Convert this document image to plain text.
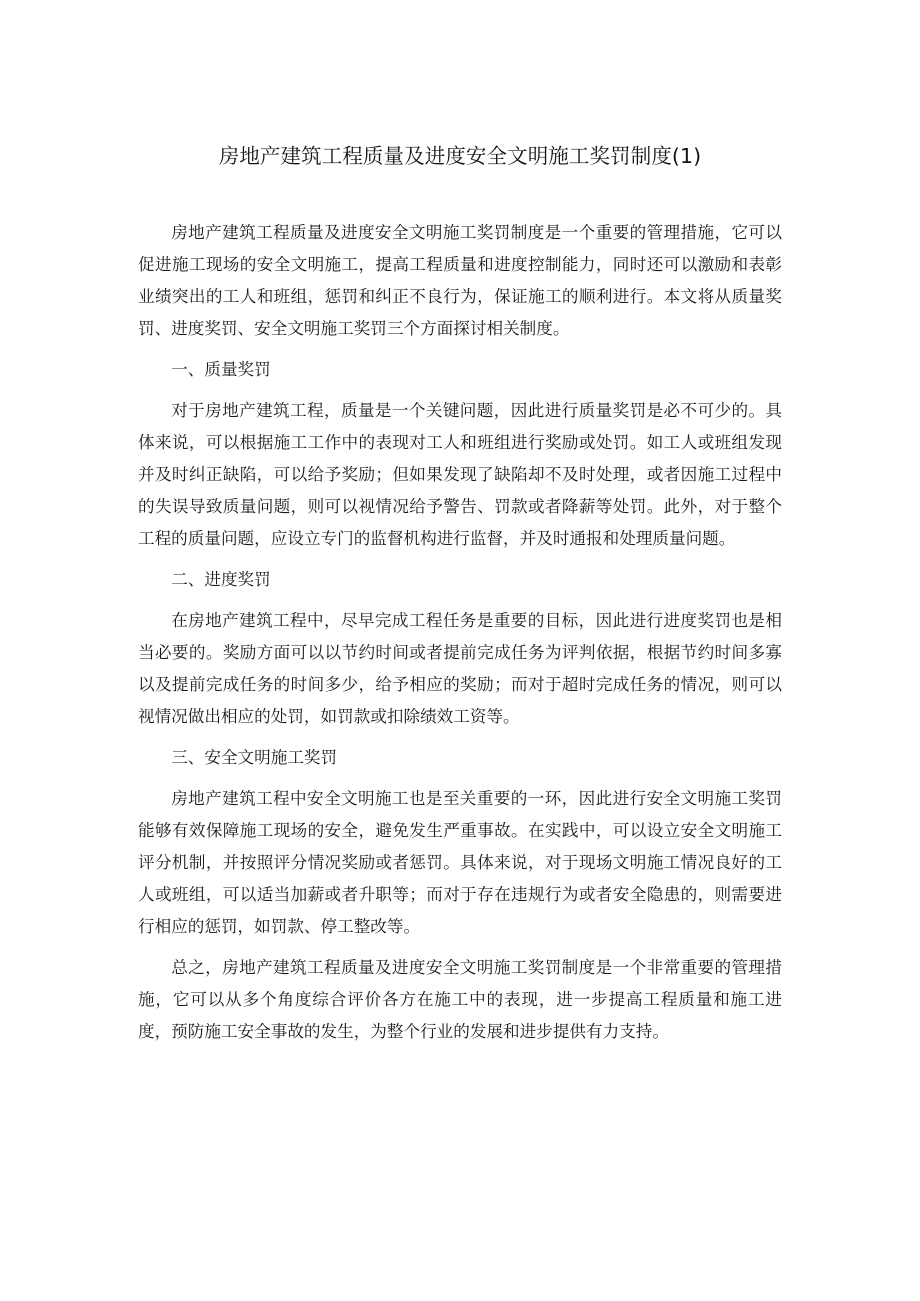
房地产建筑工程质量及进度安全文明施工奖罚制度(1)

房地产建筑工程质量及进度安全文明施工奖罚制度是一个重要的管理措施，它可以促进施工现场的安全文明施工，提高工程质量和进度控制能力，同时还可以激励和表彰业绩突出的工人和班组，惩罚和纠正不良行为，保证施工的顺利进行。本文将从质量奖罚、进度奖罚、安全文明施工奖罚三个方面探讨相关制度。

一、质量奖罚

对于房地产建筑工程，质量是一个关键问题，因此进行质量奖罚是必不可少的。具体来说，可以根据施工工作中的表现对工人和班组进行奖励或处罚。如工人或班组发现并及时纠正缺陷，可以给予奖励；但如果发现了缺陷却不及时处理，或者因施工过程中的失误导致质量问题，则可以视情况给予警告、罚款或者降薪等处罚。此外，对于整个工程的质量问题，应设立专门的监督机构进行监督，并及时通报和处理质量问题。

二、进度奖罚

在房地产建筑工程中，尽早完成工程任务是重要的目标，因此进行进度奖罚也是相当必要的。奖励方面可以以节约时间或者提前完成任务为评判依据，根据节约时间多寡以及提前完成任务的时间多少，给予相应的奖励；而对于超时完成任务的情况，则可以视情况做出相应的处罚，如罚款或扣除绩效工资等。

三、安全文明施工奖罚

房地产建筑工程中安全文明施工也是至关重要的一环，因此进行安全文明施工奖罚能够有效保障施工现场的安全，避免发生严重事故。在实践中，可以设立安全文明施工评分机制，并按照评分情况奖励或者惩罚。具体来说，对于现场文明施工情况良好的工人或班组，可以适当加薪或者升职等；而对于存在违规行为或者安全隐患的，则需要进行相应的惩罚，如罚款、停工整改等。

总之，房地产建筑工程质量及进度安全文明施工奖罚制度是一个非常重要的管理措施，它可以从多个角度综合评价各方在施工中的表现，进一步提高工程质量和施工进度，预防施工安全事故的发生，为整个行业的发展和进步提供有力支持。
